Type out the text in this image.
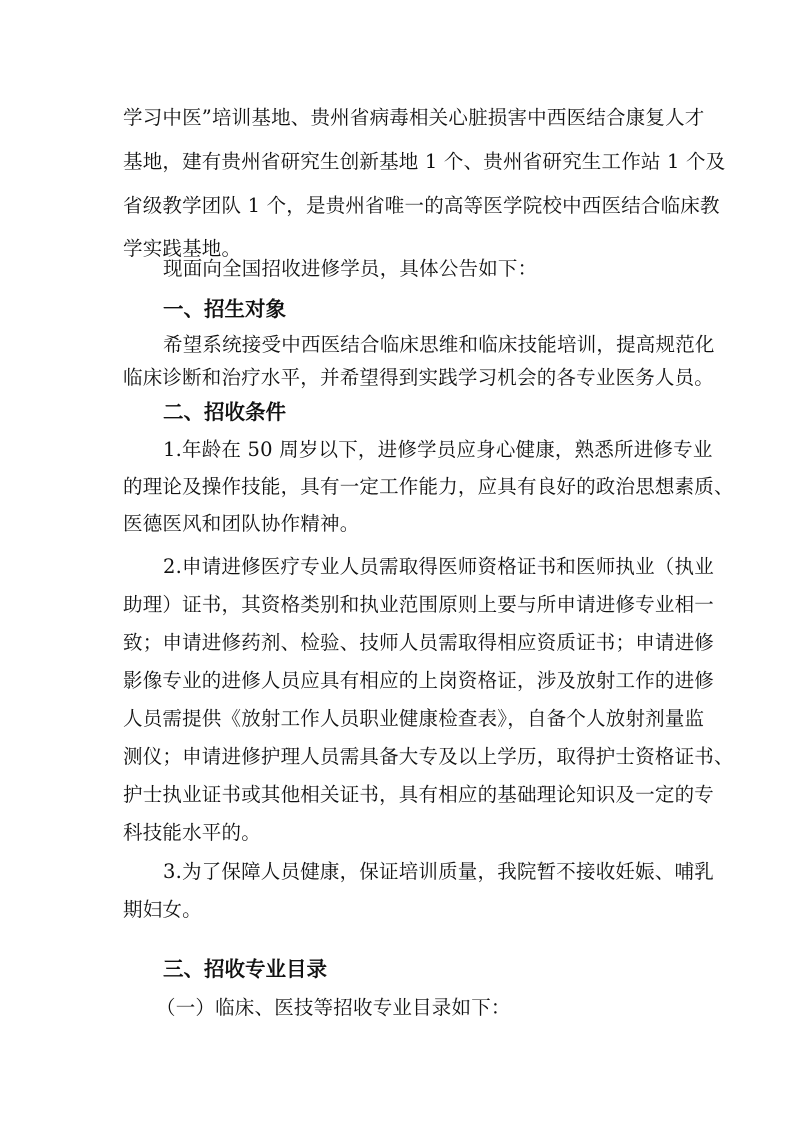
学习中医”培训基地、贵州省病毒相关心脏损害中西医结合康复人才
基地，建有贵州省研究生创新基地 1 个、贵州省研究生工作站 1 个及
省级教学团队 1 个，是贵州省唯一的高等医学院校中西医结合临床教
学实践基地。
现面向全国招收进修学员，具体公告如下：
一、招生对象
希望系统接受中西医结合临床思维和临床技能培训，提高规范化
临床诊断和治疗水平，并希望得到实践学习机会的各专业医务人员。
二、招收条件
1.年龄在 50 周岁以下，进修学员应身心健康，熟悉所进修专业
的理论及操作技能，具有一定工作能力，应具有良好的政治思想素质、
医德医风和团队协作精神。
2.申请进修医疗专业人员需取得医师资格证书和医师执业（执业
助理）证书，其资格类别和执业范围原则上要与所申请进修专业相一
致；申请进修药剂、检验、技师人员需取得相应资质证书；申请进修
影像专业的进修人员应具有相应的上岗资格证，涉及放射工作的进修
人员需提供《放射工作人员职业健康检查表》，自备个人放射剂量监
测仪；申请进修护理人员需具备大专及以上学历，取得护士资格证书、
护士执业证书或其他相关证书，具有相应的基础理论知识及一定的专
科技能水平的。
3.为了保障人员健康，保证培训质量，我院暂不接收妊娠、哺乳
期妇女。
三、招收专业目录
（一）临床、医技等招收专业目录如下：
